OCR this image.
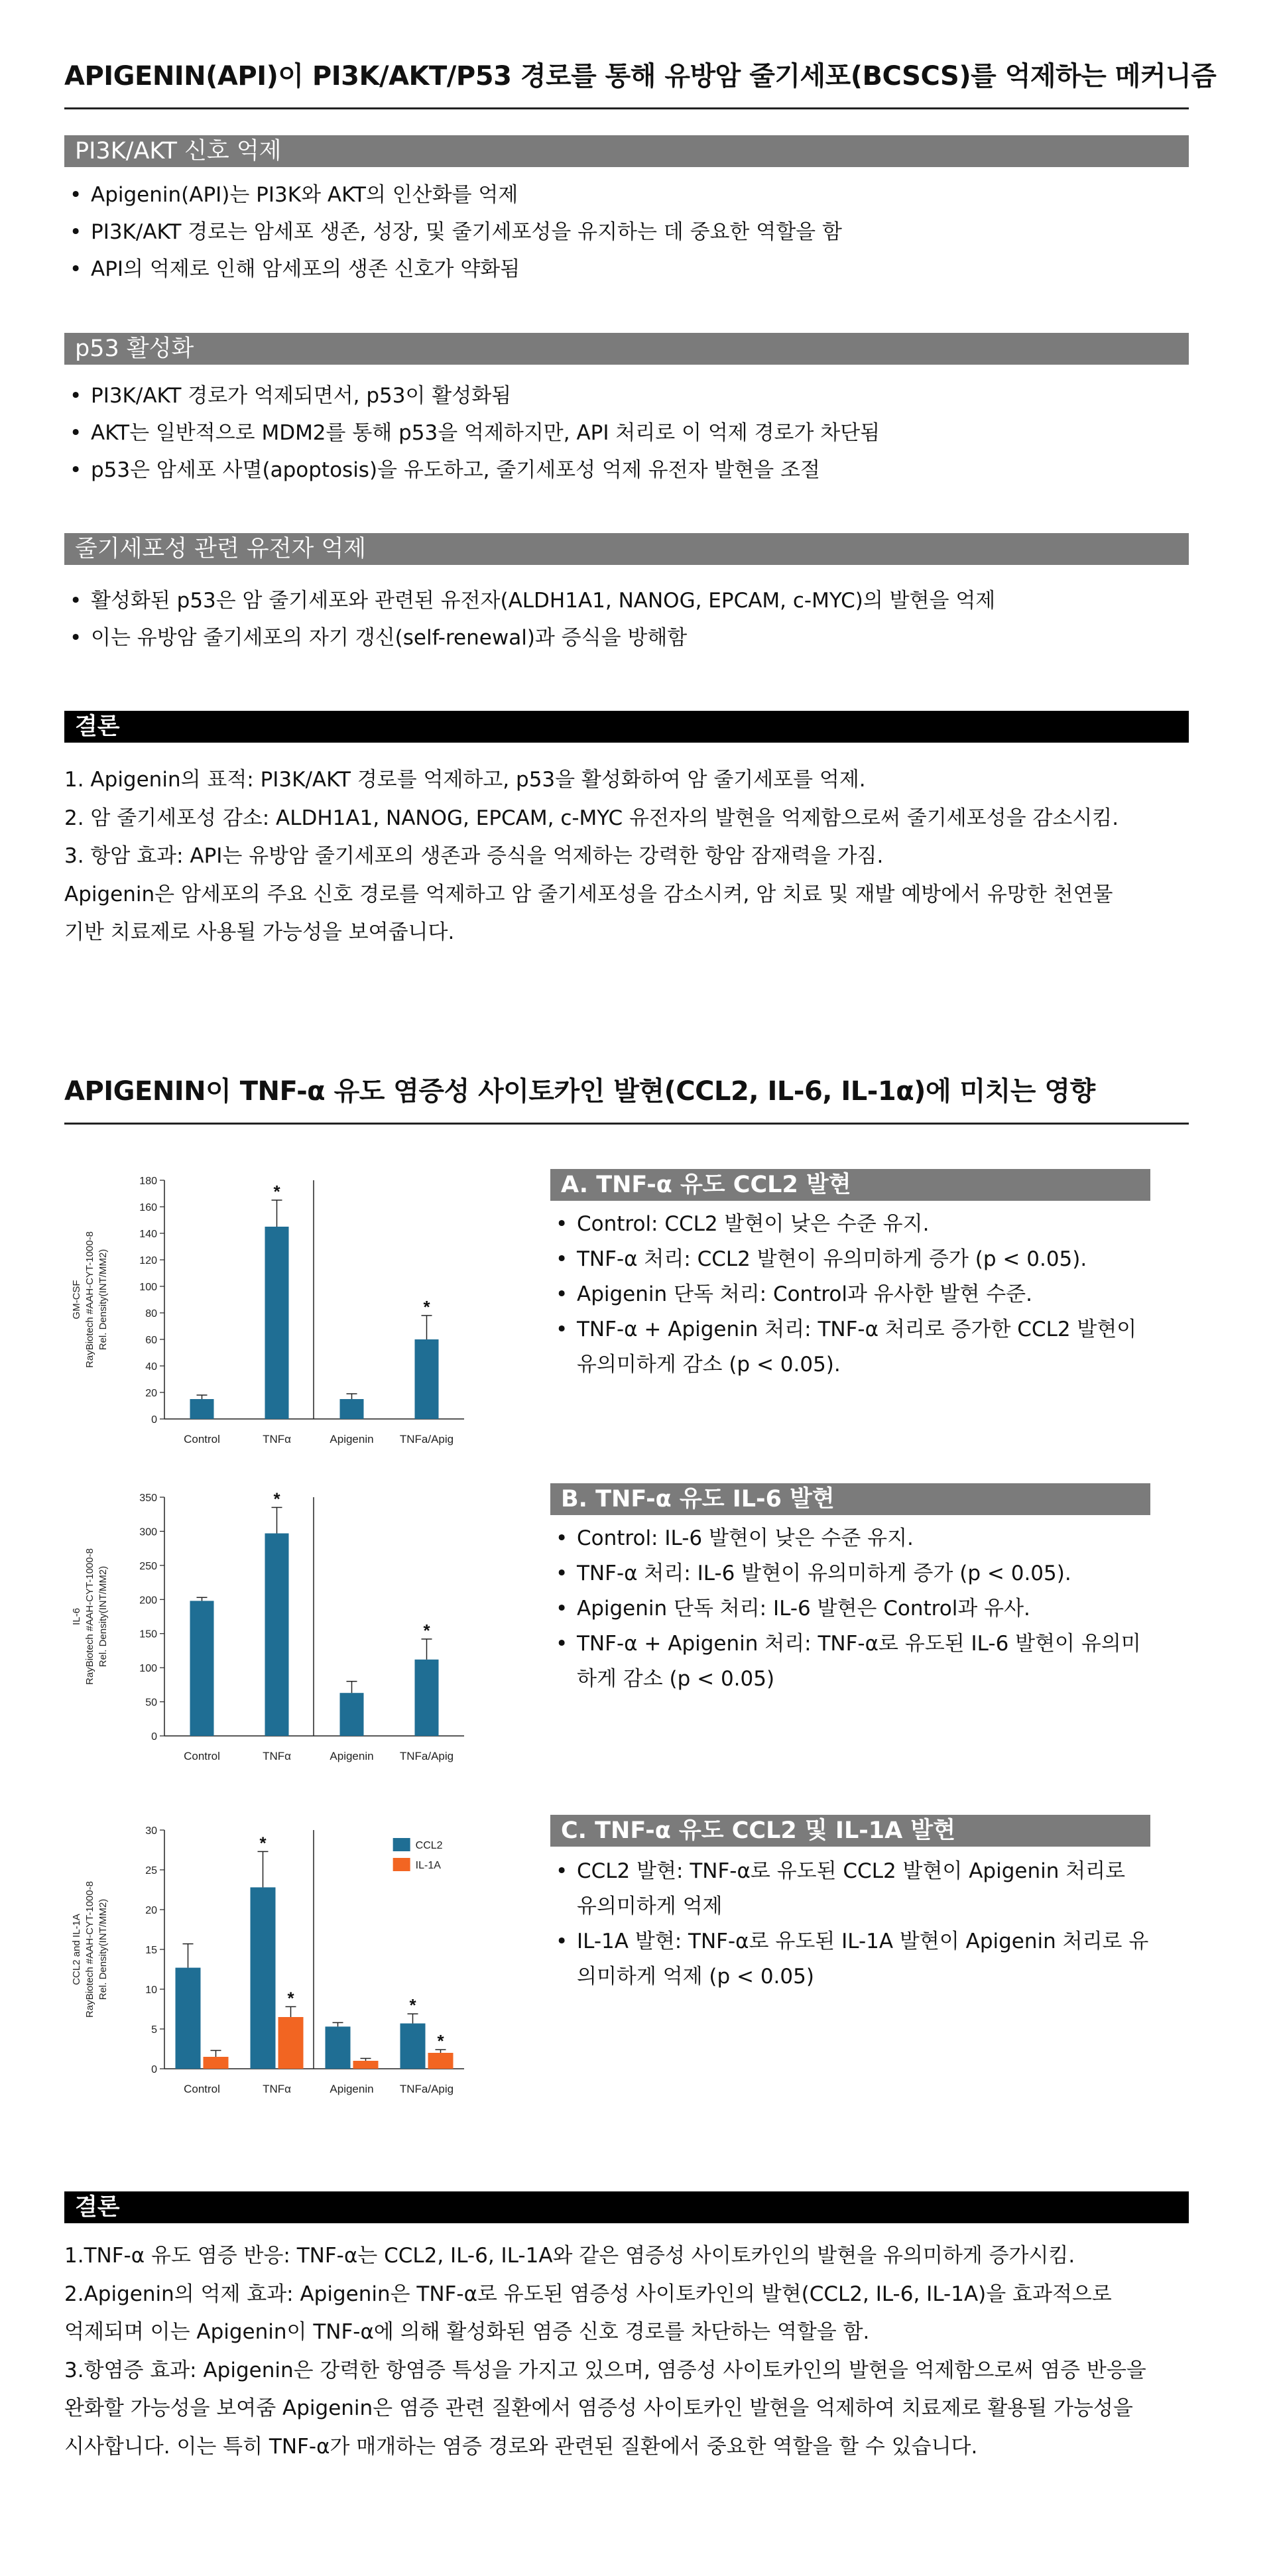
APIGENIN(API)이 PI3K/AKT/P53 경로를 통해 유방암 줄기세포(BCSCS)를 억제하는 메커니즘
PI3K/AKT 신호 억제
• Apigenin(API)는 PI3K와 AKT의 인산화를 억제
• PI3K/AKT 경로는 암세포 생존, 성장, 및 줄기세포성을 유지하는 데 중요한 역할을 함
• API의 억제로 인해 암세포의 생존 신호가 약화됨
p53 활성화
• PI3K/AKT 경로가 억제되면서, p53이 활성화됨
• AKT는 일반적으로 MDM2를 통해 p53을 억제하지만, API 처리로 이 억제 경로가 차단됨
• p53은 암세포 사멸(apoptosis)을 유도하고, 줄기세포성 억제 유전자 발현을 조절
줄기세포성 관련 유전자 억제
• 활성화된 p53은 암 줄기세포와 관련된 유전자(ALDH1A1, NANOG, EPCAM, c-MYC)의 발현을 억제
• 이는 유방암 줄기세포의 자기 갱신(self-renewal)과 증식을 방해함
결론

1. Apigenin의 표적: PI3K/AKT 경로를 억제하고, p53을 활성화하여 암 줄기세포를 억제.

2. 암 줄기세포성 감소: ALDH1A1, NANOG, EPCAM, c-MYC 유전자의 발현을 억제함으로써 줄기세포성을 감소시킴.

3. 항암 효과: API는 유방암 줄기세포의 생존과 증식을 억제하는 강력한 항암 잠재력을 가짐.

Apigenin은 암세포의 주요 신호 경로를 억제하고 암 줄기세포성을 감소시켜, 암 치료 및 재발 예방에서 유망한 천연물

기반 치료제로 사용될 가능성을 보여줍니다.

APIGENIN이 TNF-α 유도 염증성 사이토카인 발현(CCL2, IL-6, IL-1α)에 미치는 영향
0
20
40
60
80
100
120
140
160
180
GM-CSF RayBiotech #AAH-CYT-1000-8 Rel. Density(INT/MM2)
Control
*
TNFα	Apigenin
*
TNFa/Apig
0
50
100
150
200
250
300
350
IL-6 RayBiotech #AAH-CYT-1000-8 Rel. Density(INT/MM2)
Control
*
TNFα	Apigenin
*
TNFa/Apig
0
5
10
15
20
25
30
CCL2 and IL-1A RayBiotech #AAH-CYT-1000-8 Rel. Density(INT/MM2)
Control
*
*
TNFα	Apigenin
*
*
TNFa/Apig
CCL2
IL-1A
A. TNF-α 유도 CCL2 발현
• Control: CCL2 발현이 낮은 수준 유지.
• TNF-α 처리: CCL2 발현이 유의미하게 증가 (p < 0.05).
• Apigenin 단독 처리: Control과 유사한 발현 수준.
• TNF-α + Apigenin 처리: TNF-α 처리로 증가한 CCL2 발현이 유의미하게 감소 (p < 0.05).
B. TNF-α 유도 IL-6 발현
• Control: IL-6 발현이 낮은 수준 유지.
• TNF-α 처리: IL-6 발현이 유의미하게 증가 (p < 0.05).
• Apigenin 단독 처리: IL-6 발현은 Control과 유사.
• TNF-α + Apigenin 처리: TNF-α로 유도된 IL-6 발현이 유의미하게 감소 (p < 0.05)
C. TNF-α 유도 CCL2 및 IL-1A 발현
• CCL2 발현: TNF-α로 유도된 CCL2 발현이 Apigenin 처리로 유의미하게 억제
• IL-1A 발현: TNF-α로 유도된 IL-1A 발현이 Apigenin 처리로 유의미하게 억제 (p < 0.05)
결론

1.TNF-α 유도 염증 반응: TNF-α는 CCL2, IL-6, IL-1A와 같은 염증성 사이토카인의 발현을 유의미하게 증가시킴.

2.Apigenin의 억제 효과: Apigenin은 TNF-α로 유도된 염증성 사이토카인의 발현(CCL2, IL-6, IL-1A)을 효과적으로

억제되며 이는 Apigenin이 TNF-α에 의해 활성화된 염증 신호 경로를 차단하는 역할을 함.

3.항염증 효과: Apigenin은 강력한 항염증 특성을 가지고 있으며, 염증성 사이토카인의 발현을 억제함으로써 염증 반응을

완화할 가능성을 보여줌 Apigenin은 염증 관련 질환에서 염증성 사이토카인 발현을 억제하여 치료제로 활용될 가능성을

시사합니다. 이는 특히 TNF-α가 매개하는 염증 경로와 관련된 질환에서 중요한 역할을 할 수 있습니다.
